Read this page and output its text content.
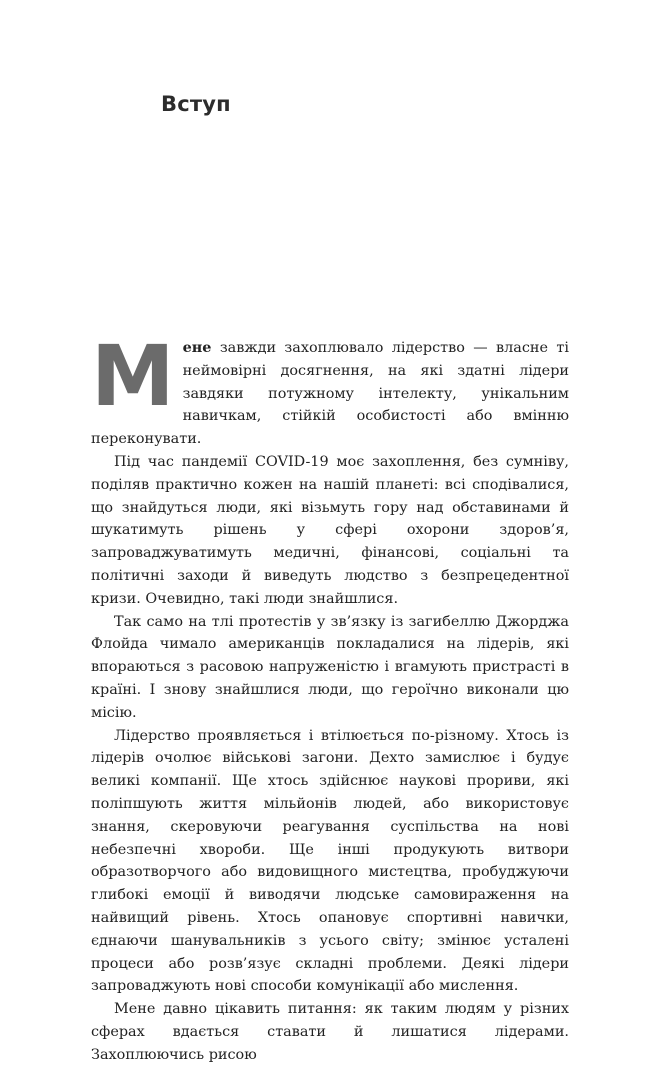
Вступ

Мене завжди захоплювало лідерство — власне ті неймовірні досягнення, на які здатні лідери завдяки потужному інтелекту, унікальним навичкам, стійкій особистості або вмінню переконувати.

Під час пандемії COVID-19 моє захоплення, без сумніву, поділяв практично кожен на нашій планеті: всі сподівалися, що знайдуться люди, які візьмуть гору над обставинами й шукатимуть рішень у сфері охорони здоров’я, запроваджуватимуть медичні, фінансові, соціальні та політичні заходи й виведуть людство з безпрецедентної кризи. Очевидно, такі люди знайшлися.

Так само на тлі протестів у зв’язку із загибеллю Джорджа Флойда чимало американців покладалися на лідерів, які впораються з расовою напруженістю і вгамують пристрасті в країні. І знову знайшлися люди, що героїчно виконали цю місію.

Лідерство проявляється і втілюється по-різному. Хтось із лідерів очолює військові загони. Дехто замислює і будує великі компанії. Ще хтось здійснює наукові прориви, які поліпшують життя мільйонів людей, або використовує знання, скеровуючи реагування суспільства на нові небезпечні хвороби. Ще інші продукують витвори образотворчого або видовищного мистецтва, пробуджуючи глибокі емоції й виводячи людське самовираження на найвищий рівень. Хтось опановує спортивні навички, єднаючи шанувальників з усього світу; змінює усталені процеси або розв’язує складні проблеми. Деякі лідери запроваджують нові способи комунікації або мислення.

Мене давно цікавить питання: як таким людям у різних сферах вдається ставати й лишатися лідерами. Захоплюючись рисою
